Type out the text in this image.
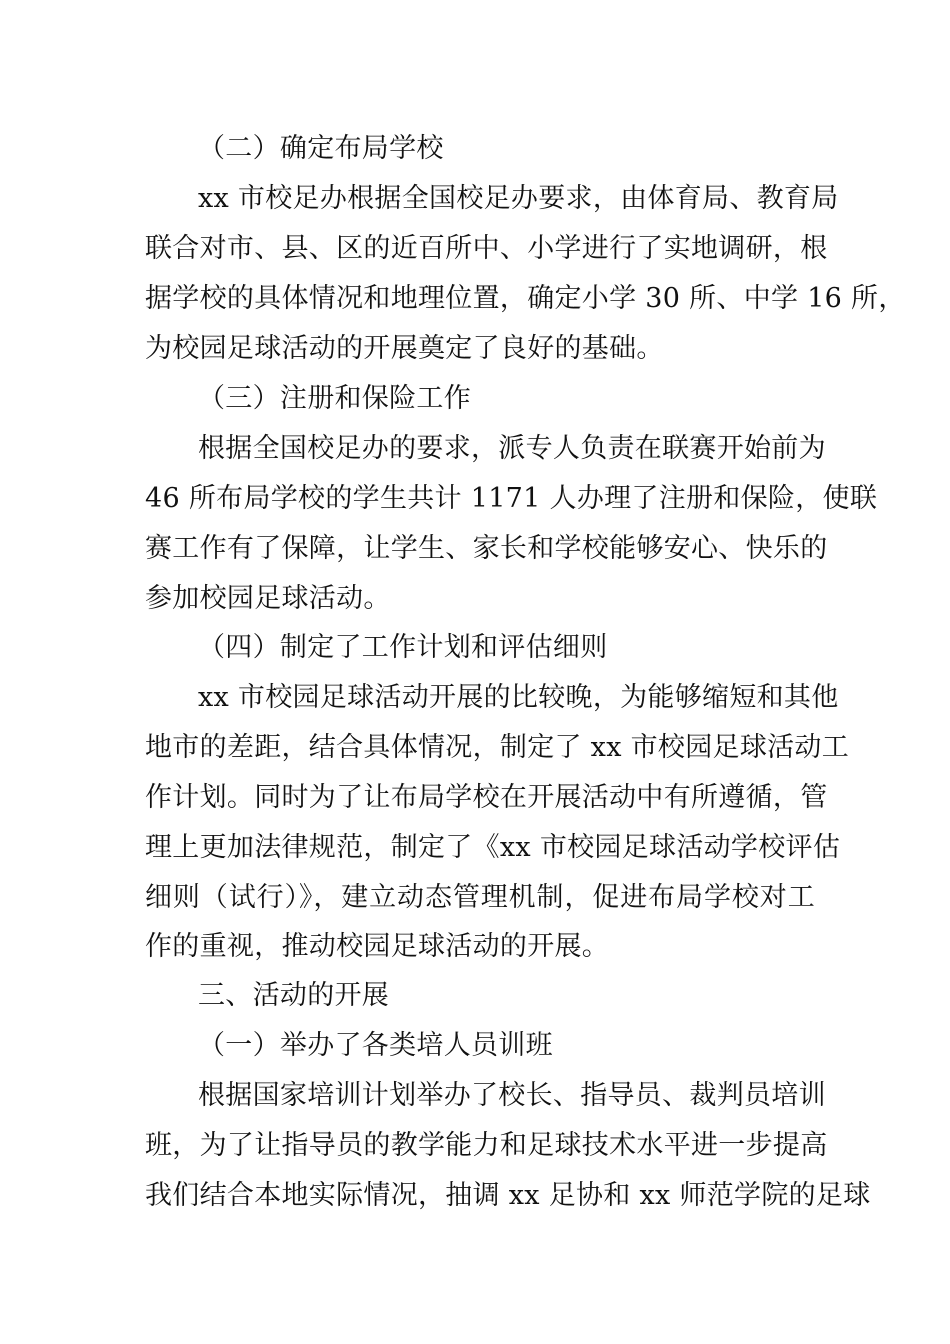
（二）确定布局学校
xx 市校足办根据全国校足办要求，由体育局、教育局
联合对市、县、区的近百所中、小学进行了实地调研，根
据学校的具体情况和地理位置，确定小学 30 所、中学 16 所，
为校园足球活动的开展奠定了良好的基础。
（三）注册和保险工作
根据全国校足办的要求，派专人负责在联赛开始前为
46 所布局学校的学生共计 1171 人办理了注册和保险，使联
赛工作有了保障，让学生、家长和学校能够安心、快乐的
参加校园足球活动。
（四）制定了工作计划和评估细则
xx 市校园足球活动开展的比较晚，为能够缩短和其他
地市的差距，结合具体情况，制定了 xx 市校园足球活动工
作计划。同时为了让布局学校在开展活动中有所遵循，管
理上更加法律规范，制定了《xx 市校园足球活动学校评估
细则（试行）》，建立动态管理机制，促进布局学校对工
作的重视，推动校园足球活动的开展。
三、活动的开展
（一）举办了各类培人员训班
根据国家培训计划举办了校长、指导员、裁判员培训
班，为了让指导员的教学能力和足球技术水平进一步提高
我们结合本地实际情况，抽调 xx 足协和 xx 师范学院的足球
